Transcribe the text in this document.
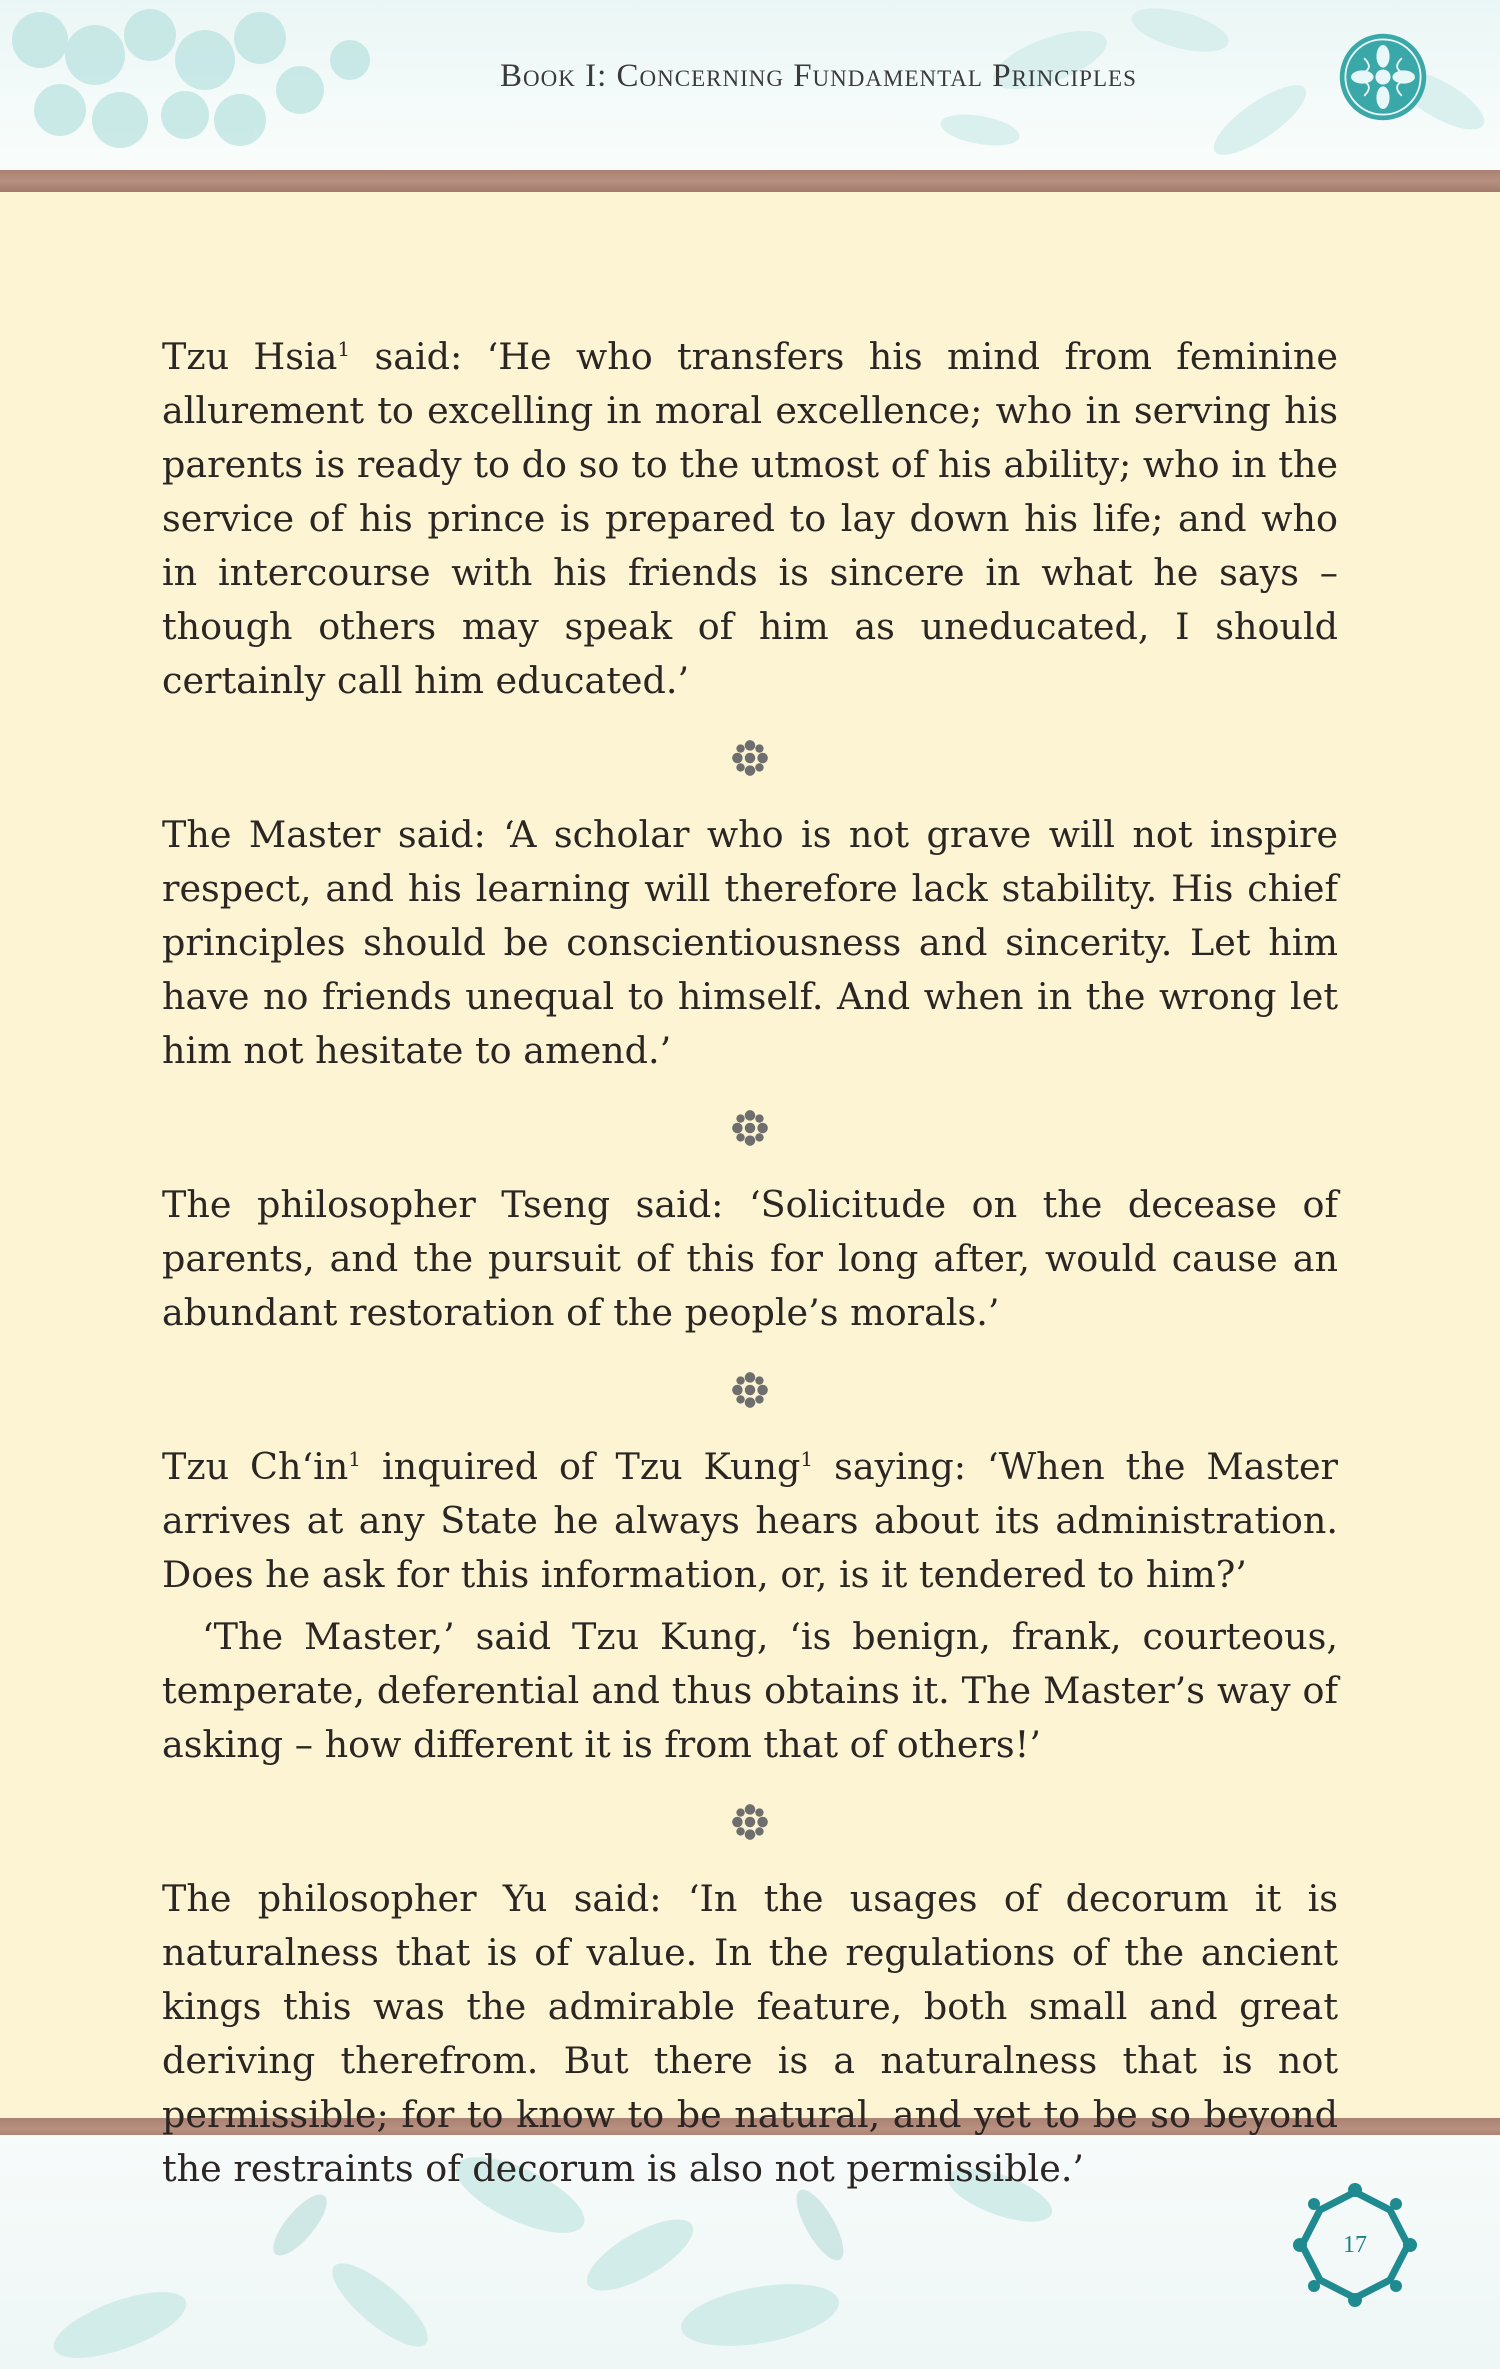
Book I: Concerning Fundamental Principles
17

Tzu Hsia$^1$ said: ‘He who transfers his mind from feminine allurement to excelling in moral excellence; who in serving his parents is ready to do so to the utmost of his ability; who in the service of his prince is prepared to lay down his life; and who in intercourse with his friends is sincere in what he says – though others may speak of him as uneducated, I should certainly call him educated.’

The Master said: ‘A scholar who is not grave will not inspire respect, and his learning will therefore lack stability. His chief principles should be conscientiousness and sincerity. Let him have no friends unequal to himself. And when in the wrong let him not hesitate to amend.’

The philosopher Tseng said: ‘Solicitude on the decease of parents, and the pursuit of this for long after, would cause an abundant restoration of the people’s morals.’

Tzu Ch‘in$^1$ inquired of Tzu Kung$^1$ saying: ‘When the Master arrives at any State he always hears about its administration. Does he ask for this information, or, is it tendered to him?’

‘The Master,’ said Tzu Kung, ‘is benign, frank, courteous, temperate, deferential and thus obtains it. The Master’s way of asking – how different it is from that of others!’

The philosopher Yu said: ‘In the usages of decorum it is naturalness that is of value. In the regulations of the ancient kings this was the admirable feature, both small and great deriving therefrom. But there is a naturalness that is not permissible; for to know to be natural, and yet to be so beyond the restraints of decorum is also not permissible.’
